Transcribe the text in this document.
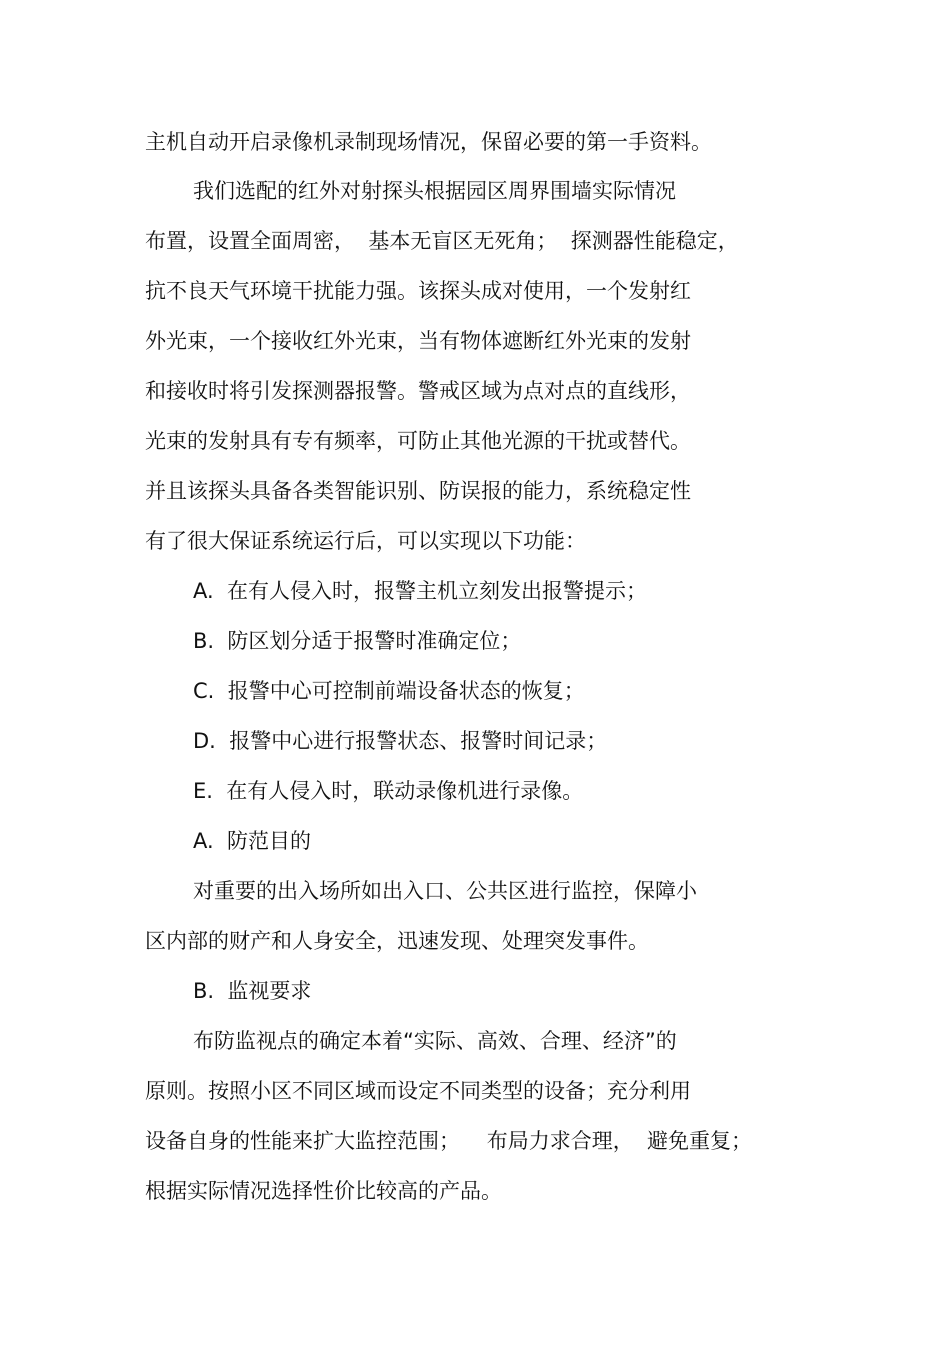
主机自动开启录像机录制现场情况，保留必要的第一手资料。
我们选配的红外对射探头根据园区周界围墙实际情况
布置，设置全面周密，  基本无盲区无死角；  探测器性能稳定，
抗不良天气环境干扰能力强。该探头成对使用，一个发射红
外光束，一个接收红外光束，当有物体遮断红外光束的发射
和接收时将引发探测器报警。警戒区域为点对点的直线形，
光束的发射具有专有频率，可防止其他光源的干扰或替代。
并且该探头具备各类智能识别、防误报的能力，系统稳定性
有了很大保证系统运行后，可以实现以下功能：
A.  在有人侵入时，报警主机立刻发出报警提示；
B.  防区划分适于报警时准确定位；
C.  报警中心可控制前端设备状态的恢复；
D.  报警中心进行报警状态、报警时间记录；
E.  在有人侵入时，联动录像机进行录像。
A.  防范目的
对重要的出入场所如出入口、公共区进行监控，保障小
区内部的财产和人身安全，迅速发现、处理突发事件。
B.  监视要求
布防监视点的确定本着“实际、高效、合理、经济”的
原则。按照小区不同区域而设定不同类型的设备；充分利用
设备自身的性能来扩大监控范围；    布局力求合理，  避免重复；
根据实际情况选择性价比较高的产品。
